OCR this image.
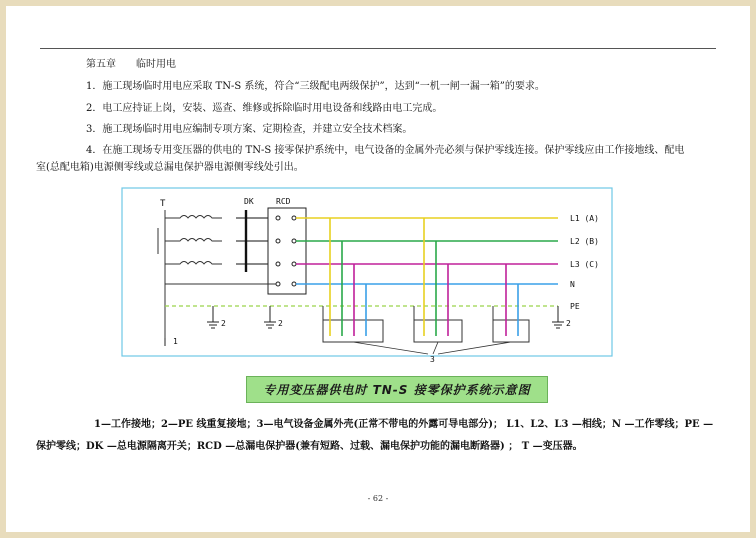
第五章　　临时用电
1．施工现场临时用电应采取 TN-S 系统，符合“三级配电两级保护”，达到“一机一闸一漏一箱”的要求。
2．电工应持证上岗，安装、巡查、维修或拆除临时用电设备和线路由电工完成。
3．施工现场临时用电应编制专项方案、定期检查，并建立安全技术档案。
4．在施工现场专用变压器的供电的 TN-S 接零保护系统中，电气设备的金属外壳必须与保护零线连接。保护零线应由工作接地线、配电
室(总配电箱)电源侧零线或总漏电保护器电源侧零线处引出。
T	DK	RCD
L1 (A)
L2 (B)
L3 (C)
N
PE
1
2	2	2
3
专用变压器供电时 TN-S 接零保护系统示意图
1—工作接地；2—PE 线重复接地；3—电气设备金属外壳(正常不带电的外露可导电部分)； L1、L2、L3 —相线；N —工作零线；PE —
保护零线；DK —总电源隔离开关；RCD —总漏电保护器(兼有短路、过载、漏电保护功能的漏电断路器) ； T —变压器。
- 62 -
